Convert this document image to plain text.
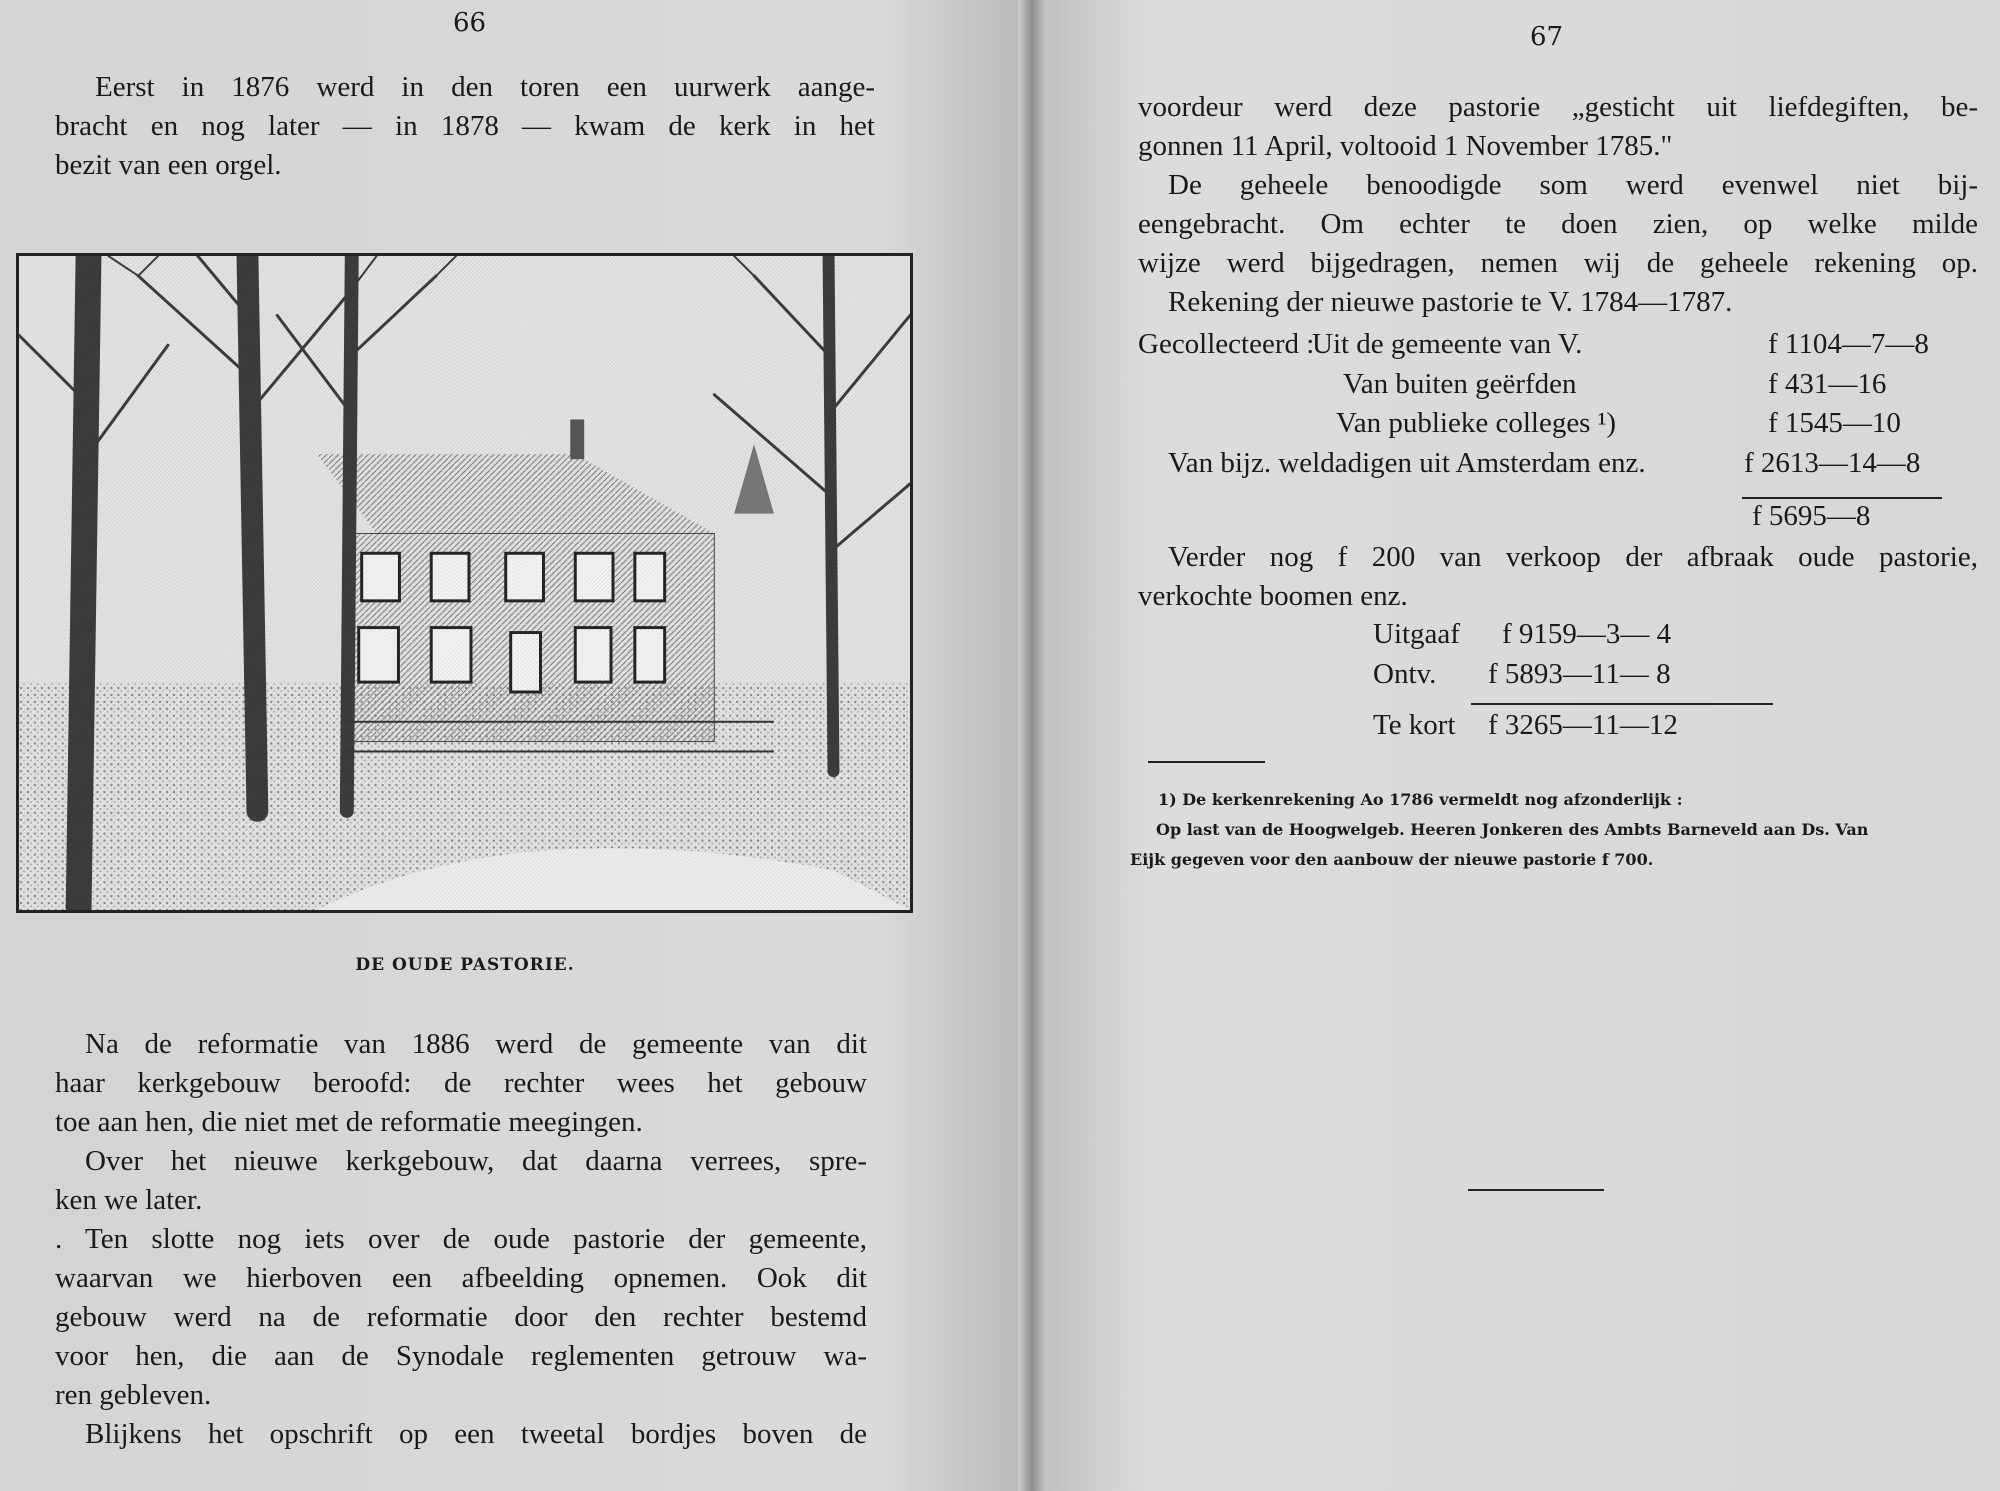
66
Eerst in 1876 werd in den toren een uurwerk aange-
bracht en nog later — in 1878 — kwam de kerk in het
bezit van een orgel.
DE OUDE PASTORIE.
Na de reformatie van 1886 werd de gemeente van dit
haar kerkgebouw beroofd: de rechter wees het gebouw
toe aan hen, die niet met de reformatie meegingen.
Over het nieuwe kerkgebouw, dat daarna verrees, spre-
ken we later.
. Ten slotte nog iets over de oude pastorie der gemeente,
waarvan we hierboven een afbeelding opnemen. Ook dit
gebouw werd na de reformatie door den rechter bestemd
voor hen, die aan de Synodale reglementen getrouw wa-
ren gebleven.
Blijkens het opschrift op een tweetal bordjes boven de
67
voordeur werd deze pastorie „gesticht uit liefdegiften, be-
gonnen 11 April, voltooid 1 November 1785."
De geheele benoodigde som werd evenwel niet bij-
eengebracht. Om echter te doen zien, op welke milde
wijze werd bijgedragen, nemen wij de geheele rekening op.
Rekening der nieuwe pastorie te V. 1784—1787.
Gecollecteerd :
Uit de gemeente van V.	f 1104—7—8
Van buiten geërfden	f 431—16
Van publieke colleges ¹)	f 1545—10
Van bijz. weldadigen uit Amsterdam enz.	f 2613—14—8
f 5695—8
Verder nog f 200 van verkoop der afbraak oude pastorie,
verkochte boomen enz.
Uitgaaf f 9159—3— 4
Ontv. f 5893—11— 8
Te kort f 3265—11—12
1) De kerkenrekening Ao 1786 vermeldt nog afzonderlijk :
Op last van de Hoogwelgeb. Heeren Jonkeren des Ambts Barneveld aan Ds. Van
Eijk gegeven voor den aanbouw der nieuwe pastorie f 700.
